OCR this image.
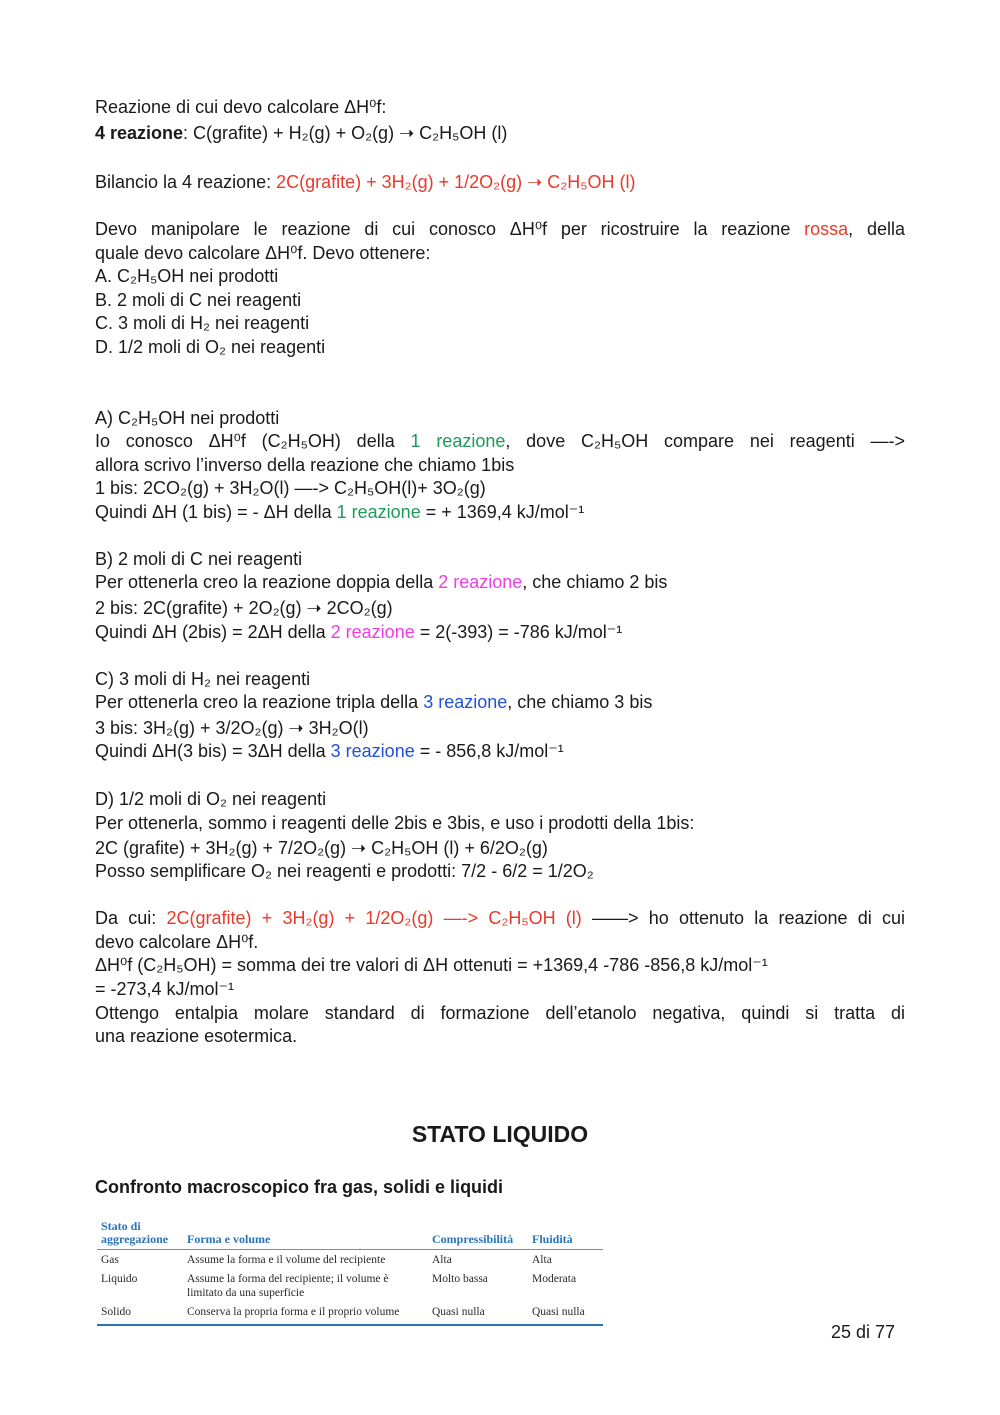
Reazione di cui devo calcolare ΔH⁰f:
4 reazione: C(grafite) + H₂(g) + O₂(g) ➝ C₂H₅OH (l)
Bilancio la 4 reazione: 2C(grafite) + 3H₂(g) + 1/2O₂(g) ➝ C₂H₅OH (l)
Devo manipolare le reazione di cui conosco ΔH⁰f per ricostruire la reazione rossa, della
quale devo calcolare ΔH⁰f. Devo ottenere:
A. C₂H₅OH nei prodotti
B. 2 moli di C nei reagenti
C. 3 moli di H₂ nei reagenti
D. 1/2 moli di O₂ nei reagenti
A) C₂H₅OH nei prodotti
Io conosco ΔH⁰f (C₂H₅OH) della 1 reazione, dove C₂H₅OH compare nei reagenti —->
allora scrivo l’inverso della reazione che chiamo 1bis
1 bis: 2CO₂(g) + 3H₂O(l) —-> C₂H₅OH(l)+ 3O₂(g)
Quindi ΔH (1 bis) = - ΔH della 1 reazione = + 1369,4 kJ/mol⁻¹
B) 2 moli di C nei reagenti
Per ottenerla creo la reazione doppia della 2 reazione, che chiamo 2 bis
2 bis: 2C(grafite) + 2O₂(g) ➝ 2CO₂(g)
Quindi ΔH (2bis) = 2ΔH della 2 reazione = 2(-393) = -786 kJ/mol⁻¹
C) 3 moli di H₂ nei reagenti
Per ottenerla creo la reazione tripla della 3 reazione, che chiamo 3 bis
3 bis: 3H₂(g) + 3/2O₂(g) ➝ 3H₂O(l)
Quindi ΔH(3 bis) = 3ΔH della 3 reazione = - 856,8 kJ/mol⁻¹
D) 1/2 moli di O₂ nei reagenti
Per ottenerla, sommo i reagenti delle 2bis e 3bis, e uso i prodotti della 1bis:
2C (grafite) + 3H₂(g) + 7/2O₂(g) ➝ C₂H₅OH (l) + 6/2O₂(g)
Posso semplificare O₂ nei reagenti e prodotti: 7/2 - 6/2 = 1/2O₂
Da cui: 2C(grafite) + 3H₂(g) + 1/2O₂(g) —-> C₂H₅OH (l) ——> ho ottenuto la reazione di cui
devo calcolare ΔH⁰f.
ΔH⁰f (C₂H₅OH) = somma dei tre valori di ΔH ottenuti = +1369,4 -786 -856,8 kJ/mol⁻¹
= -273,4 kJ/mol⁻¹
Ottengo entalpia molare standard di formazione dell’etanolo negativa, quindi si tratta di
una reazione esotermica.
STATO LIQUIDO
Confronto macroscopico fra gas, solidi e liquidi
Stato di aggregazione	Forma e volume	Compressibilità	Fluidità
Gas	Assume la forma e il volume del recipiente	Alta	Alta
Liquido	Assume la forma del recipiente; il volume è limitato da una superficie	Molto bassa	Moderata
Solido	Conserva la propria forma e il proprio volume	Quasi nulla	Quasi nulla
25 di 77
